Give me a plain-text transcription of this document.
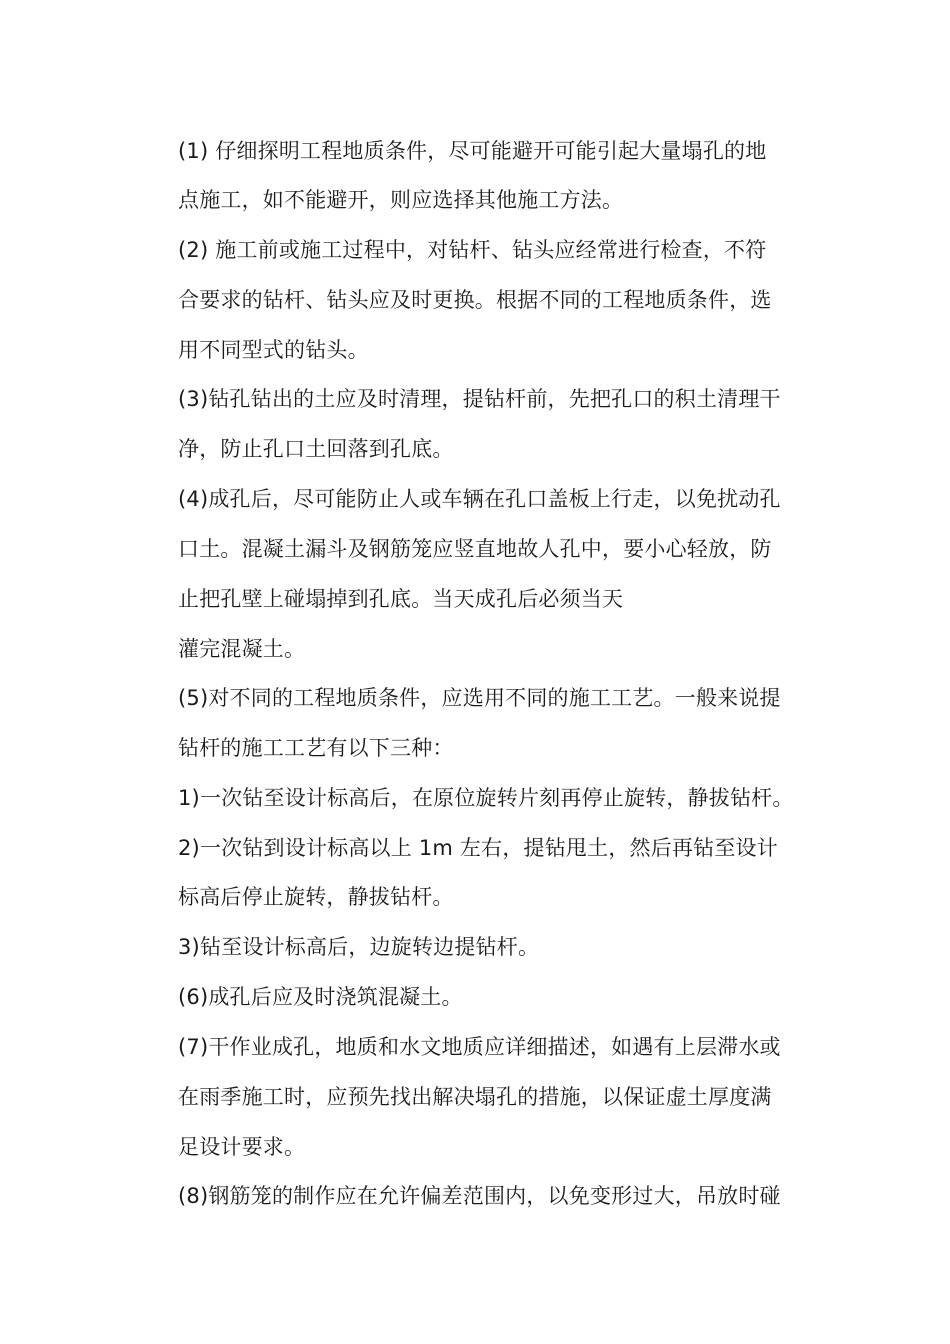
(1) 仔细探明工程地质条件，尽可能避开可能引起大量塌孔的地
点施工，如不能避开，则应选择其他施工方法。
(2) 施工前或施工过程中，对钻杆、钻头应经常进行检查，不符
合要求的钻杆、钻头应及时更换。根据不同的工程地质条件，选
用不同型式的钻头。
(3)钻孔钻出的土应及时清理，提钻杆前，先把孔口的积土清理干
净，防止孔口土回落到孔底。
(4)成孔后，尽可能防止人或车辆在孔口盖板上行走，以免扰动孔
口土。混凝土漏斗及钢筋笼应竖直地故人孔中，要小心轻放，防
止把孔壁上碰塌掉到孔底。当天成孔后必须当天
灌完混凝土。
(5)对不同的工程地质条件，应选用不同的施工工艺。一般来说提
钻杆的施工工艺有以下三种：
1)一次钻至设计标高后，在原位旋转片刻再停止旋转，静拔钻杆。
2)一次钻到设计标高以上 1m 左右，提钻甩土，然后再钻至设计
标高后停止旋转，静拔钻杆。
3)钻至设计标高后，边旋转边提钻杆。
(6)成孔后应及时浇筑混凝土。
(7)干作业成孔，地质和水文地质应详细描述，如遇有上层滞水或
在雨季施工时，应预先找出解决塌孔的措施，以保证虚土厚度满
足设计要求。
(8)钢筋笼的制作应在允许偏差范围内，以免变形过大，吊放时碰
